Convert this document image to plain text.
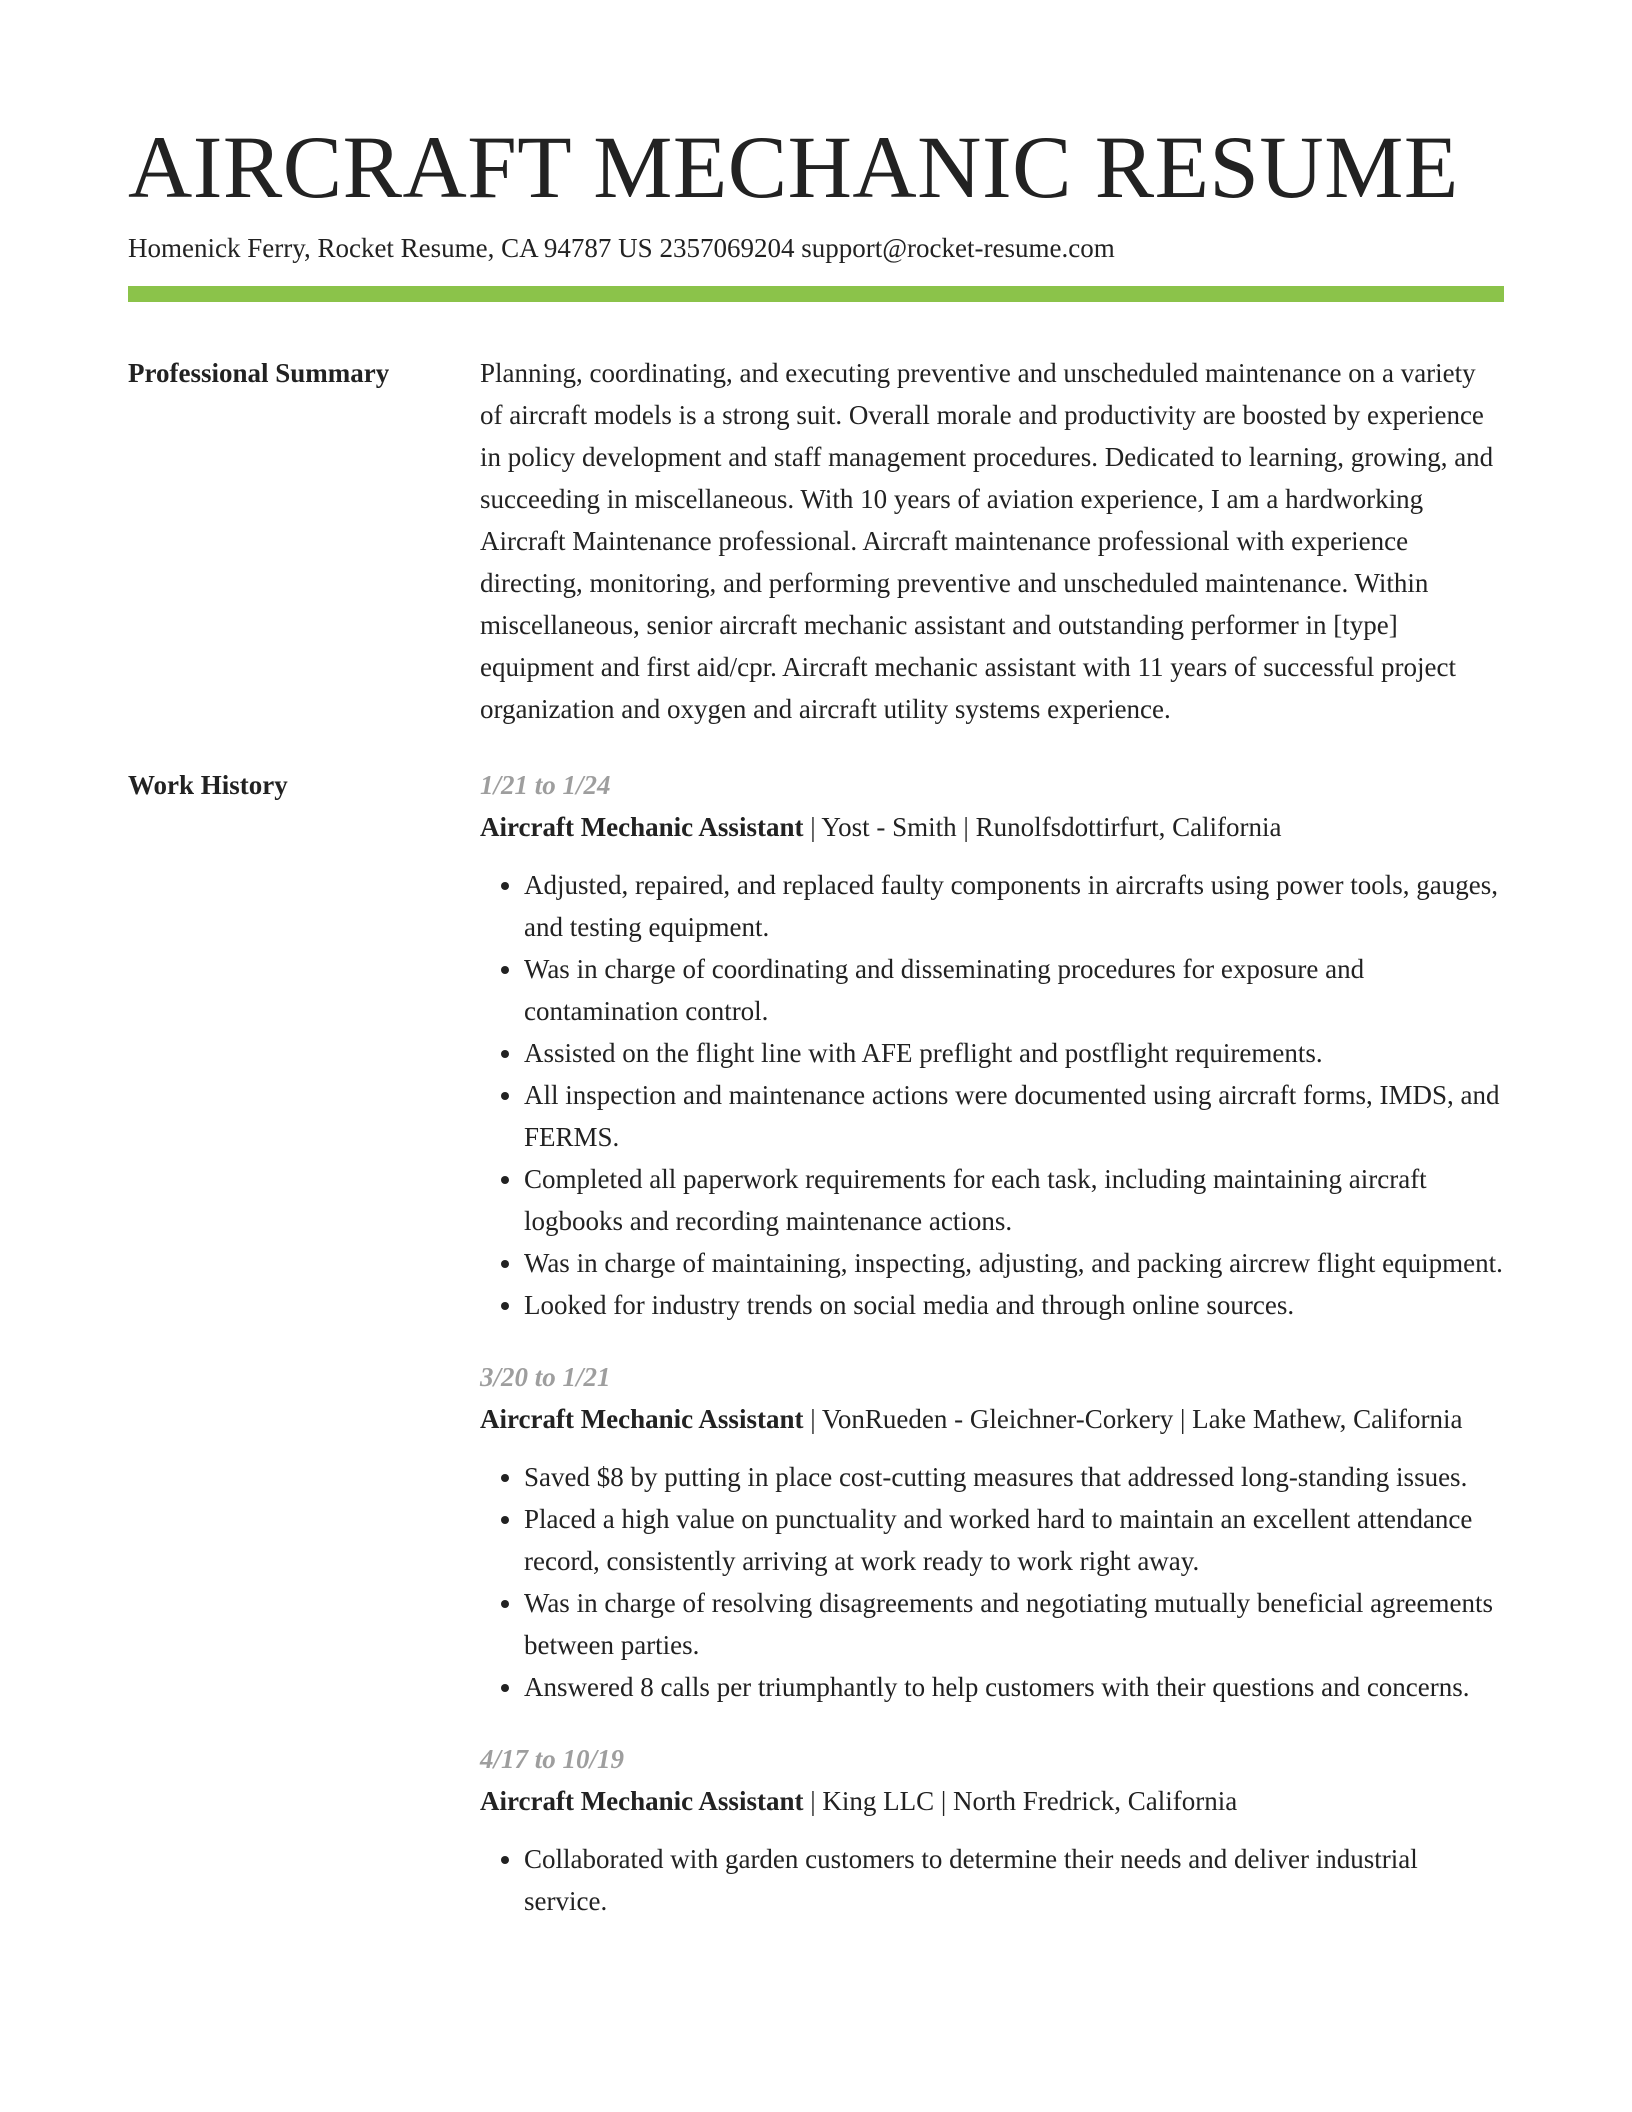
AIRCRAFT MECHANIC RESUME
Homenick Ferry, Rocket Resume, CA 94787 US 2357069204 support@rocket-resume.com
Professional Summary	Planning, coordinating, and executing preventive and unscheduled maintenance on a variety of aircraft models is a strong suit. Overall morale and productivity are boosted by experience in policy development and staff management procedures. Dedicated to learning, growing, and succeeding in miscellaneous. With 10 years of aviation experience, I am a hardworking Aircraft Maintenance professional. Aircraft maintenance professional with experience directing, monitoring, and performing preventive and unscheduled maintenance. Within miscellaneous, senior aircraft mechanic assistant and outstanding performer in [type] equipment and first aid/cpr. Aircraft mechanic assistant with 11 years of successful project organization and oxygen and aircraft utility systems experience.

Work History	1/21 to 1/24
Aircraft Mechanic Assistant | Yost - Smith | Runolfsdottirfurt, California
• Adjusted, repaired, and replaced faulty components in aircrafts using power tools, gauges, and testing equipment.
• Was in charge of coordinating and disseminating procedures for exposure and contamination control.
• Assisted on the flight line with AFE preflight and postflight requirements.
• All inspection and maintenance actions were documented using aircraft forms, IMDS, and FERMS.
• Completed all paperwork requirements for each task, including maintaining aircraft logbooks and recording maintenance actions.
• Was in charge of maintaining, inspecting, adjusting, and packing aircrew flight equipment.
• Looked for industry trends on social media and through online sources.
3/20 to 1/21
Aircraft Mechanic Assistant | VonRueden - Gleichner-Corkery | Lake Mathew, California
• Saved $8 by putting in place cost-cutting measures that addressed long-standing issues.
• Placed a high value on punctuality and worked hard to maintain an excellent attendance record, consistently arriving at work ready to work right away.
• Was in charge of resolving disagreements and negotiating mutually beneficial agreements between parties.
• Answered 8 calls per triumphantly to help customers with their questions and concerns.
4/17 to 10/19
Aircraft Mechanic Assistant | King LLC | North Fredrick, California
• Collaborated with garden customers to determine their needs and deliver industrial service.
